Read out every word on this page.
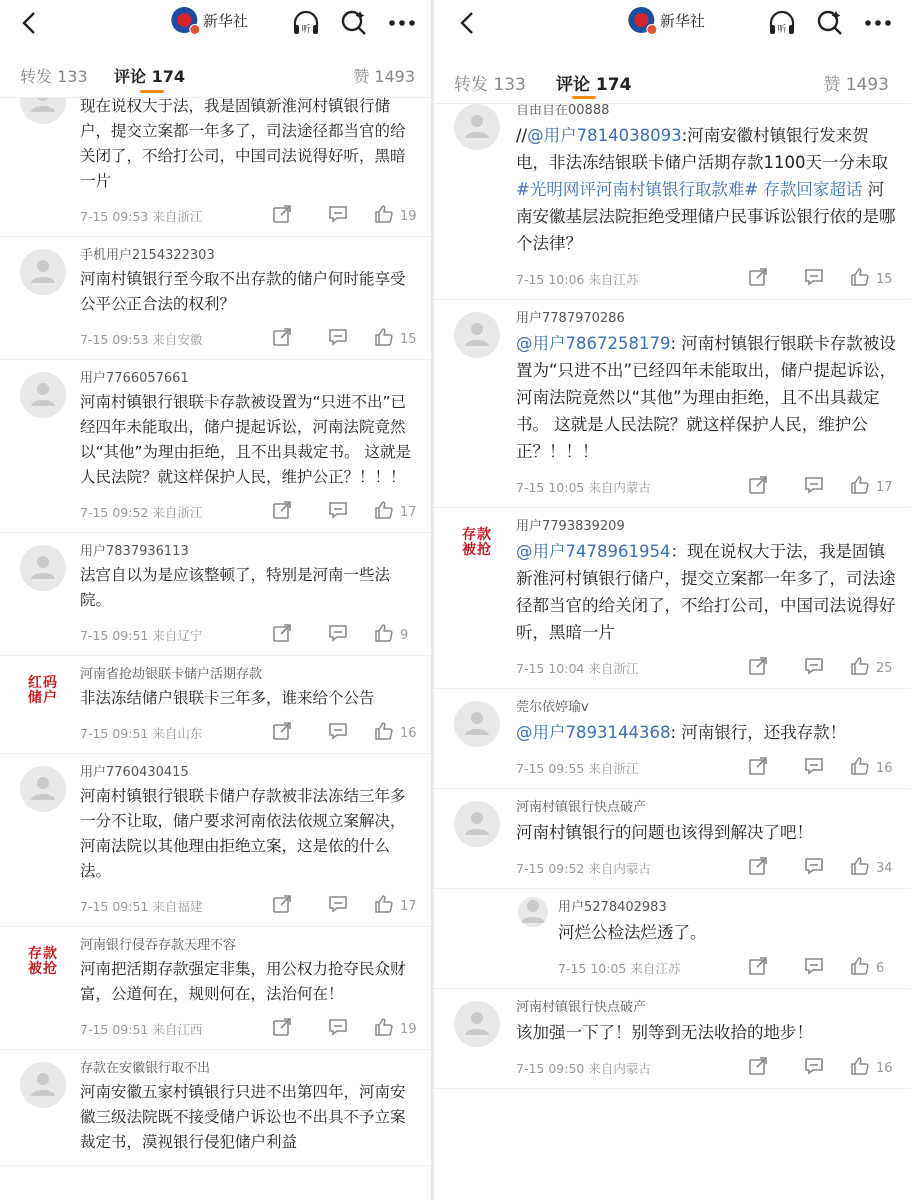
新华社
听
转发 133 评论 174	赞 1493
现在说权大于法，我是固镇新淮河村镇银行储户，提交立案都一年多了，司法途径都当官的给关闭了，不给打公司，中国司法说得好听，黑暗一片
7-15 09:53 来自浙江	19
手机用户2154322303
河南村镇银行至今取不出存款的储户何时能享受公平公正合法的权利？
7-15 09:53 来自安徽	15
用户7766057661
河南村镇银行银联卡存款被设置为“只进不出”已经四年未能取出，储户提起诉讼，河南法院竟然以“其他”为理由拒绝，且不出具裁定书。 这就是人民法院？就这样保护人民，维护公正？！！！
7-15 09:52 来自浙江	17
用户7837936113
法宫自以为是应该整顿了，特别是河南一些法院。
7-15 09:51 来自辽宁	9
红码
储户
河南省抢劫银联卡储户活期存款
非法冻结储户银联卡三年多，谁来给个公告
7-15 09:51 来自山东	16
用户7760430415
河南村镇银行银联卡储户存款被非法冻结三年多一分不让取，储户要求河南依法依规立案解决，河南法院以其他理由拒绝立案，这是依的什么法。
7-15 09:51 来自福建	17
存款
被抢
河南银行侵吞存款天理不容
河南把活期存款强定非集，用公权力抢夺民众财富，公道何在，规则何在，法治何在！
7-15 09:51 来自江西	19
存款在安徽银行取不出
河南安徽五家村镇银行只进不出第四年，河南安徽三级法院既不接受储户诉讼也不出具不予立案裁定书，漠视银行侵犯储户利益
新华社
听
转发 133 评论 174	赞 1493
自由自在00888
//@用户7814038093:河南安徽村镇银行发来贺电，非法冻结银联卡储户活期存款1100天一分未取#光明网评河南村镇银行取款难# 存款回家超话 河南安徽基层法院拒绝受理储户民事诉讼银行依的是哪个法律？
7-15 10:06 来自江苏	15
用户7787970286
@用户7867258179: 河南村镇银行银联卡存款被设置为“只进不出”已经四年未能取出，储户提起诉讼，河南法院竟然以“其他”为理由拒绝，且不出具裁定书。 这就是人民法院？就这样保护人民，维护公正？！！！
7-15 10:05 来自内蒙古	17
存款
被抢
用户7793839209
@用户7478961954：现在说权大于法，我是固镇新淮河村镇银行储户，提交立案都一年多了，司法途径都当官的给关闭了，不给打公司，中国司法说得好听，黑暗一片
7-15 10:04 来自浙江	25
莞尔依婷瑜v
@用户7893144368: 河南银行，还我存款！
7-15 09:55 来自浙江	16
河南村镇银行快点破产
河南村镇银行的问题也该得到解决了吧！
7-15 09:52 来自内蒙古	34
用户5278402983
河烂公检法烂透了。
7-15 10:05 来自江苏	6
河南村镇银行快点破产
该加强一下了！别等到无法收拾的地步！
7-15 09:50 来自内蒙古	16
